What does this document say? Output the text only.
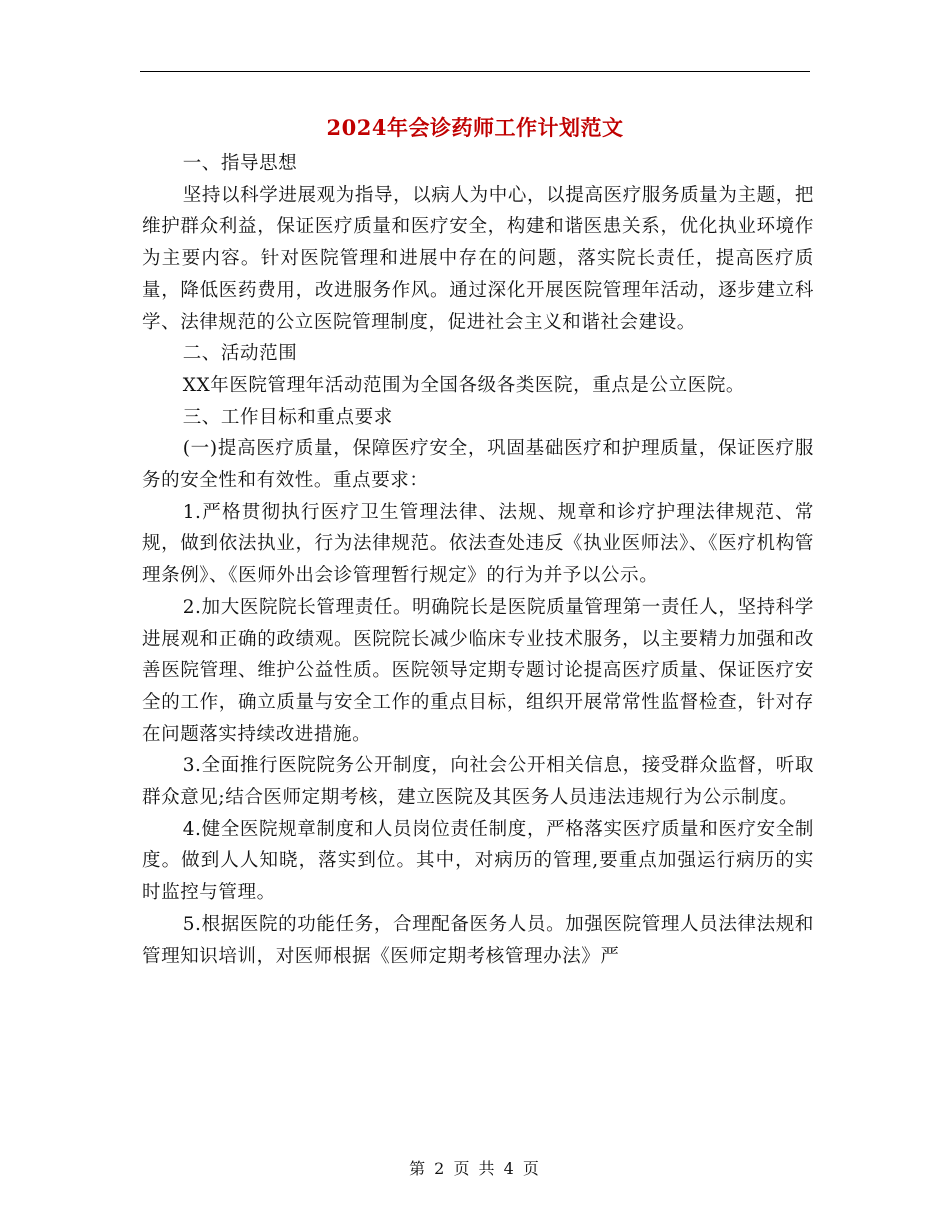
2024年会诊药师工作计划范文

一、指导思想

坚持以科学进展观为指导，以病人为中心，以提高医疗服务质量为主题，把维护群众利益，保证医疗质量和医疗安全，构建和谐医患关系，优化执业环境作为主要内容。针对医院管理和进展中存在的问题，落实院长责任，提高医疗质量，降低医药费用，改进服务作风。通过深化开展医院管理年活动，逐步建立科学、法律规范的公立医院管理制度，促进社会主义和谐社会建设。

二、活动范围

XX年医院管理年活动范围为全国各级各类医院，重点是公立医院。

三、工作目标和重点要求

(一)提高医疗质量，保障医疗安全，巩固基础医疗和护理质量，保证医疗服务的安全性和有效性。重点要求：

1.严格贯彻执行医疗卫生管理法律、法规、规章和诊疗护理法律规范、常规，做到依法执业，行为法律规范。依法查处违反《执业医师法》、《医疗机构管理条例》、《医师外出会诊管理暂行规定》的行为并予以公示。

2.加大医院院长管理责任。明确院长是医院质量管理第一责任人，坚持科学进展观和正确的政绩观。医院院长减少临床专业技术服务，以主要精力加强和改善医院管理、维护公益性质。医院领导定期专题讨论提高医疗质量、保证医疗安全的工作，确立质量与安全工作的重点目标，组织开展常常性监督检查，针对存在问题落实持续改进措施。

3.全面推行医院院务公开制度，向社会公开相关信息，接受群众监督，听取群众意见;结合医师定期考核，建立医院及其医务人员违法违规行为公示制度。

4.健全医院规章制度和人员岗位责任制度，严格落实医疗质量和医疗安全制度。做到人人知晓，落实到位。其中，对病历的管理,要重点加强运行病历的实时监控与管理。

5.根据医院的功能任务，合理配备医务人员。加强医院管理人员法律法规和管理知识培训，对医师根据《医师定期考核管理办法》严

第 2 页 共 4 页
